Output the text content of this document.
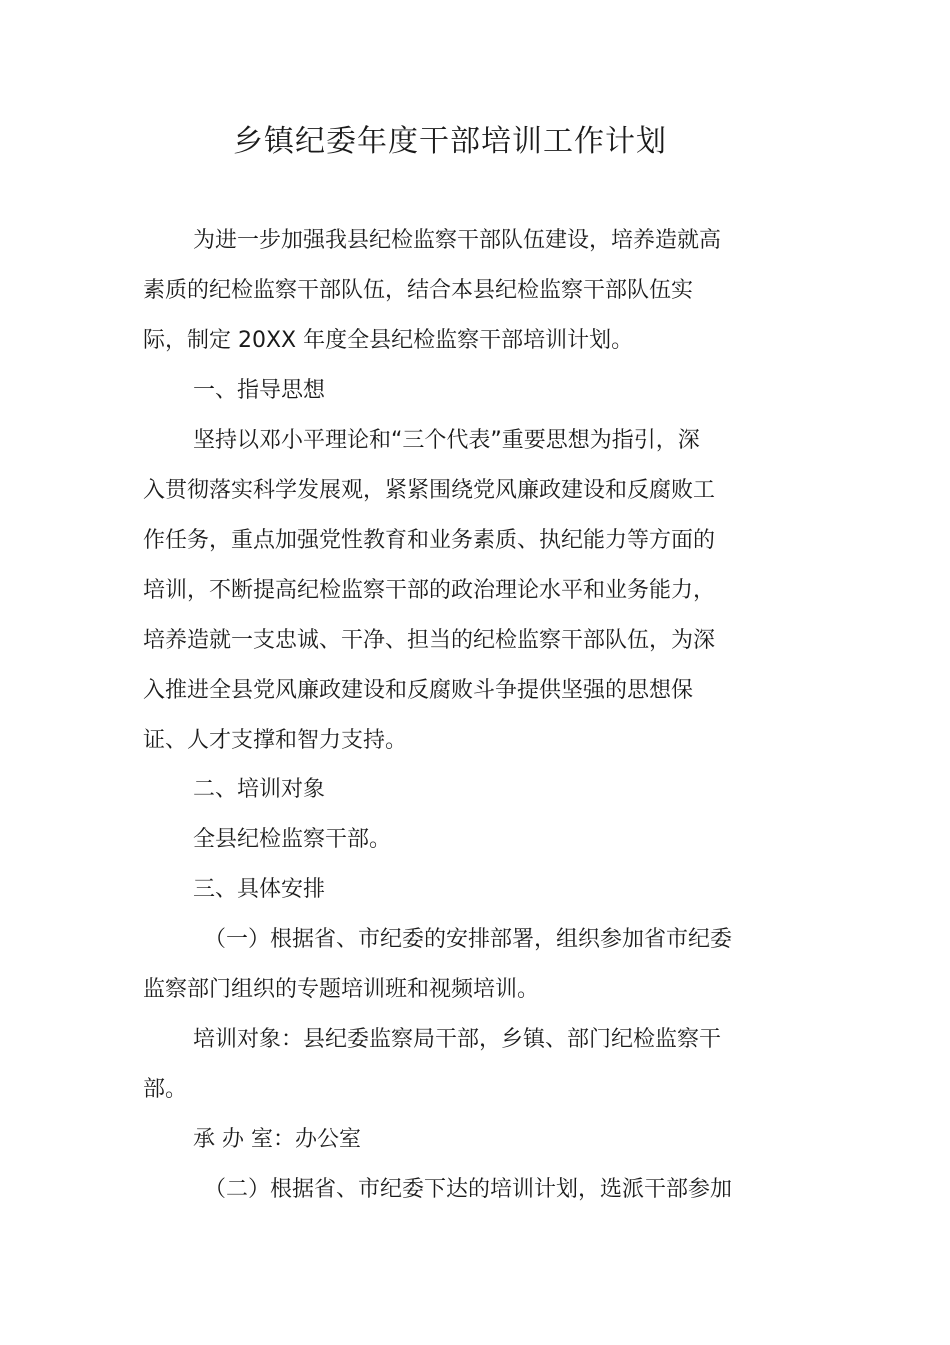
乡镇纪委年度干部培训工作计划

为进一步加强我县纪检监察干部队伍建设，培养造就高

素质的纪检监察干部队伍，结合本县纪检监察干部队伍实

际，制定 20XX 年度全县纪检监察干部培训计划。

一、指导思想

坚持以邓小平理论和“三个代表”重要思想为指引，深

入贯彻落实科学发展观，紧紧围绕党风廉政建设和反腐败工

作任务，重点加强党性教育和业务素质、执纪能力等方面的

培训，不断提高纪检监察干部的政治理论水平和业务能力，

培养造就一支忠诚、干净、担当的纪检监察干部队伍，为深

入推进全县党风廉政建设和反腐败斗争提供坚强的思想保

证、人才支撑和智力支持。

二、培训对象

全县纪检监察干部。

三、具体安排

（一）根据省、市纪委的安排部署，组织参加省市纪委

监察部门组织的专题培训班和视频培训。

培训对象：县纪委监察局干部，乡镇、部门纪检监察干

部。

承 办 室：办公室

（二）根据省、市纪委下达的培训计划，选派干部参加
